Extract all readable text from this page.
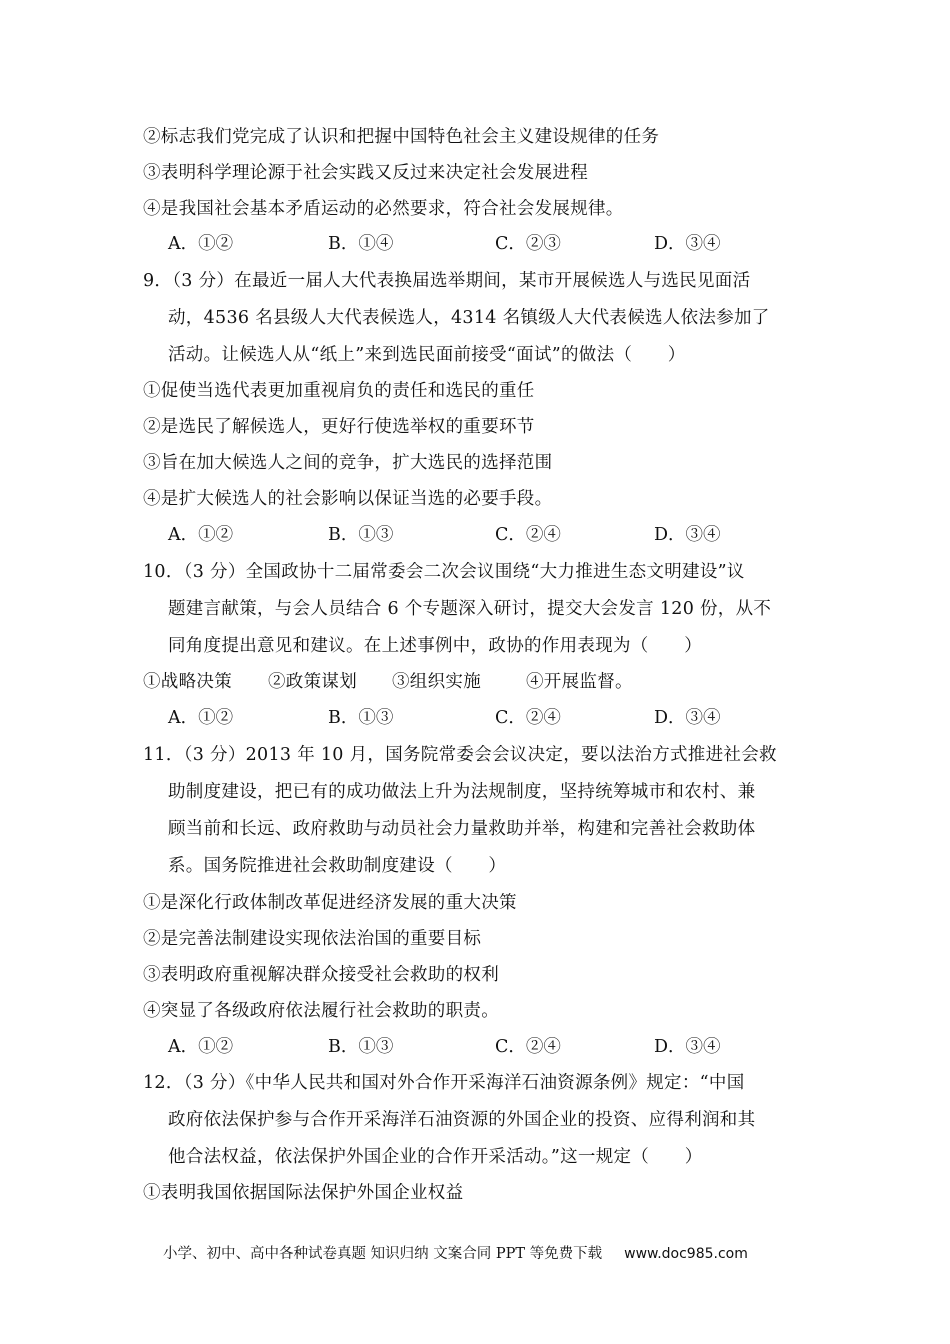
②标志我们党完成了认识和把握中国特色社会主义建设规律的任务
③表明科学理论源于社会实践又反过来决定社会发展进程
④是我国社会基本矛盾运动的必然要求，符合社会发展规律。
A．①②	B．①④	C．②③	D．③④
9．（3 分）在最近一届人大代表换届选举期间，某市开展候选人与选民见面活
动，4536 名县级人大代表候选人，4314 名镇级人大代表候选人依法参加了
活动。让候选人从“纸上”来到选民面前接受“面试”的做法（　　）
①促使当选代表更加重视肩负的责任和选民的重任
②是选民了解候选人，更好行使选举权的重要环节
③旨在加大候选人之间的竞争，扩大选民的选择范围
④是扩大候选人的社会影响以保证当选的必要手段。
A．①②	B．①③	C．②④	D．③④
10．（3 分）全国政协十二届常委会二次会议围绕“大力推进生态文明建设”议
题建言献策，与会人员结合 6 个专题深入研讨，提交大会发言 120 份，从不
同角度提出意见和建议。在上述事例中，政协的作用表现为（　　）
①战略决策 ②政策谋划 ③组织实施	④开展监督。
A．①②	B．①③	C．②④	D．③④
11．（3 分）2013 年 10 月，国务院常委会会议决定，要以法治方式推进社会救
助制度建设，把已有的成功做法上升为法规制度，坚持统筹城市和农村、兼
顾当前和长远、政府救助与动员社会力量救助并举，构建和完善社会救助体
系。国务院推进社会救助制度建设（　　）
①是深化行政体制改革促进经济发展的重大决策
②是完善法制建设实现依法治国的重要目标
③表明政府重视解决群众接受社会救助的权利
④突显了各级政府依法履行社会救助的职责。
A．①②	B．①③	C．②④	D．③④
12．（3 分）《中华人民共和国对外合作开采海洋石油资源条例》规定：“中国
政府依法保护参与合作开采海洋石油资源的外国企业的投资、应得利润和其
他合法权益，依法保护外国企业的合作开采活动。”这一规定（　　）
①表明我国依据国际法保护外国企业权益
小学、初中、高中各种试卷真题 知识归纳 文案合同 PPT 等免费下载 www.doc985.com
